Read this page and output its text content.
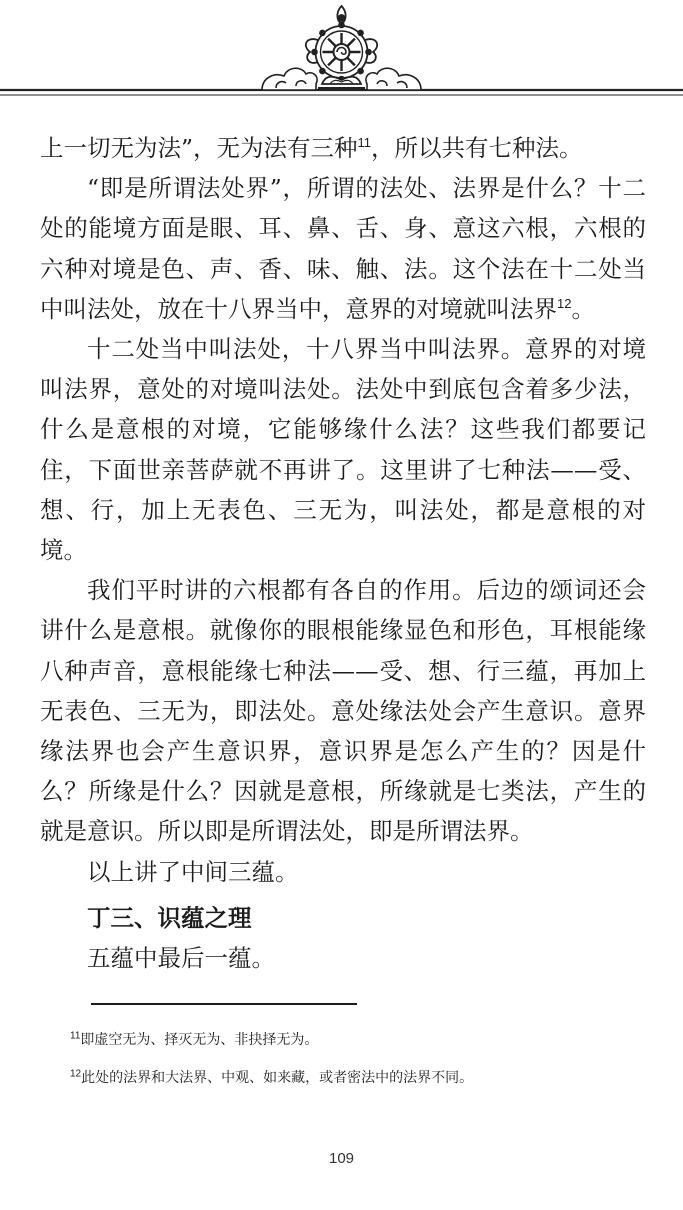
上一切无为法”，无为法有三种$^{11}$，所以共有七种法。

“即是所谓法处界”，所谓的法处、法界是什么？十二处的能境方面是眼、耳、鼻、舌、身、意这六根，六根的六种对境是色、声、香、味、触、法。这个法在十二处当中叫法处，放在十八界当中，意界的对境就叫法界$^{12}$。

十二处当中叫法处，十八界当中叫法界。意界的对境叫法界，意处的对境叫法处。法处中到底包含着多少法，什么是意根的对境，它能够缘什么法？这些我们都要记住，下面世亲菩萨就不再讲了。这里讲了七种法——受、想、行，加上无表色、三无为，叫法处，都是意根的对境。

我们平时讲的六根都有各自的作用。后边的颂词还会讲什么是意根。就像你的眼根能缘显色和形色，耳根能缘八种声音，意根能缘七种法——受、想、行三蕴，再加上无表色、三无为，即法处。意处缘法处会产生意识。意界缘法界也会产生意识界，意识界是怎么产生的？因是什么？所缘是什么？因就是意根，所缘就是七类法，产生的就是意识。所以即是所谓法处，即是所谓法界。

以上讲了中间三蕴。

丁三、识蕴之理

五蕴中最后一蕴。

$^{11}$即虚空无为、择灭无为、非抉择无为。

$^{12}$此处的法界和大法界、中观、如来藏，或者密法中的法界不同。

109
